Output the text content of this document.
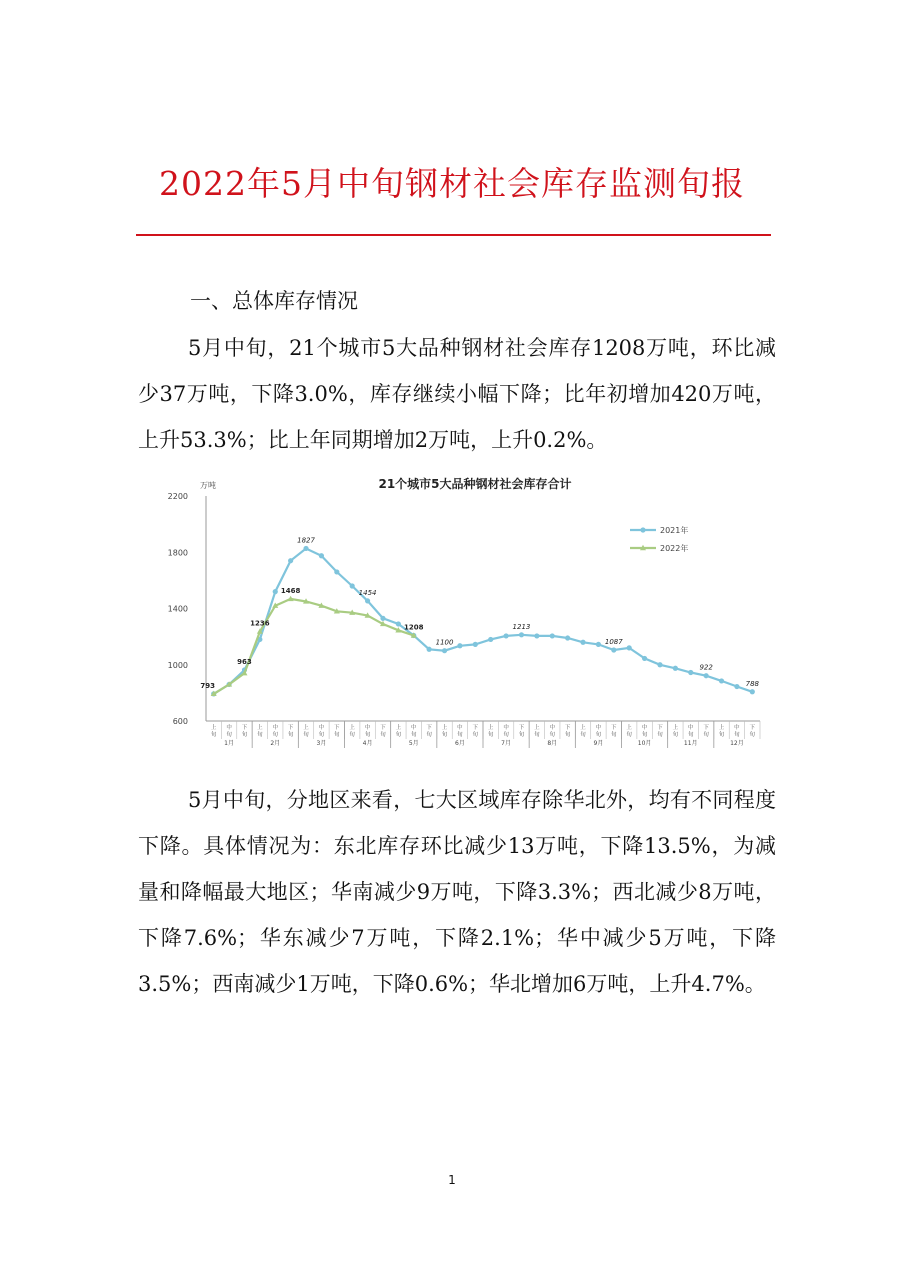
2022年5月中旬钢材社会库存监测旬报
一、总体库存情况

5月中旬，21个城市5大品种钢材社会库存1208万吨，环比减少37万吨，下降3.0%，库存继续小幅下降；比年初增加420万吨，上升53.3%；比上年同期增加2万吨，上升0.2%。

21个城市5大品种钢材社会库存合计
万吨
600
1000
1400
1800
2200
上
旬
中
旬
下
旬
上
旬
中
旬
下
旬
上
旬
中
旬
下
旬
上
旬
中
旬
下
旬
上
旬
中
旬
下
旬
上
旬
中
旬
下
旬
上
旬
中
旬
下
旬
上
旬
中
旬
下
旬
上
旬
中
旬
下
旬
上
旬
中
旬
下
旬
上
旬
中
旬
下
旬
上
旬
中
旬
下
旬
1月	2月	3月	4月	5月	6月	7月	8月	9月	10月	11月	12月
793
963
1827
1454
1100
1213
1087
922
788
1236
1468
1208
2021年
2022年

5月中旬，分地区来看，七大区域库存除华北外，均有不同程度下降。具体情况为：东北库存环比减少13万吨，下降13.5%，为减量和降幅最大地区；华南减少9万吨，下降3.3%；西北减少8万吨，下降7.6%；华东减少7万吨，下降2.1%；华中减少5万吨，下降3.5%；西南减少1万吨，下降0.6%；华北增加6万吨，上升4.7%。

1
